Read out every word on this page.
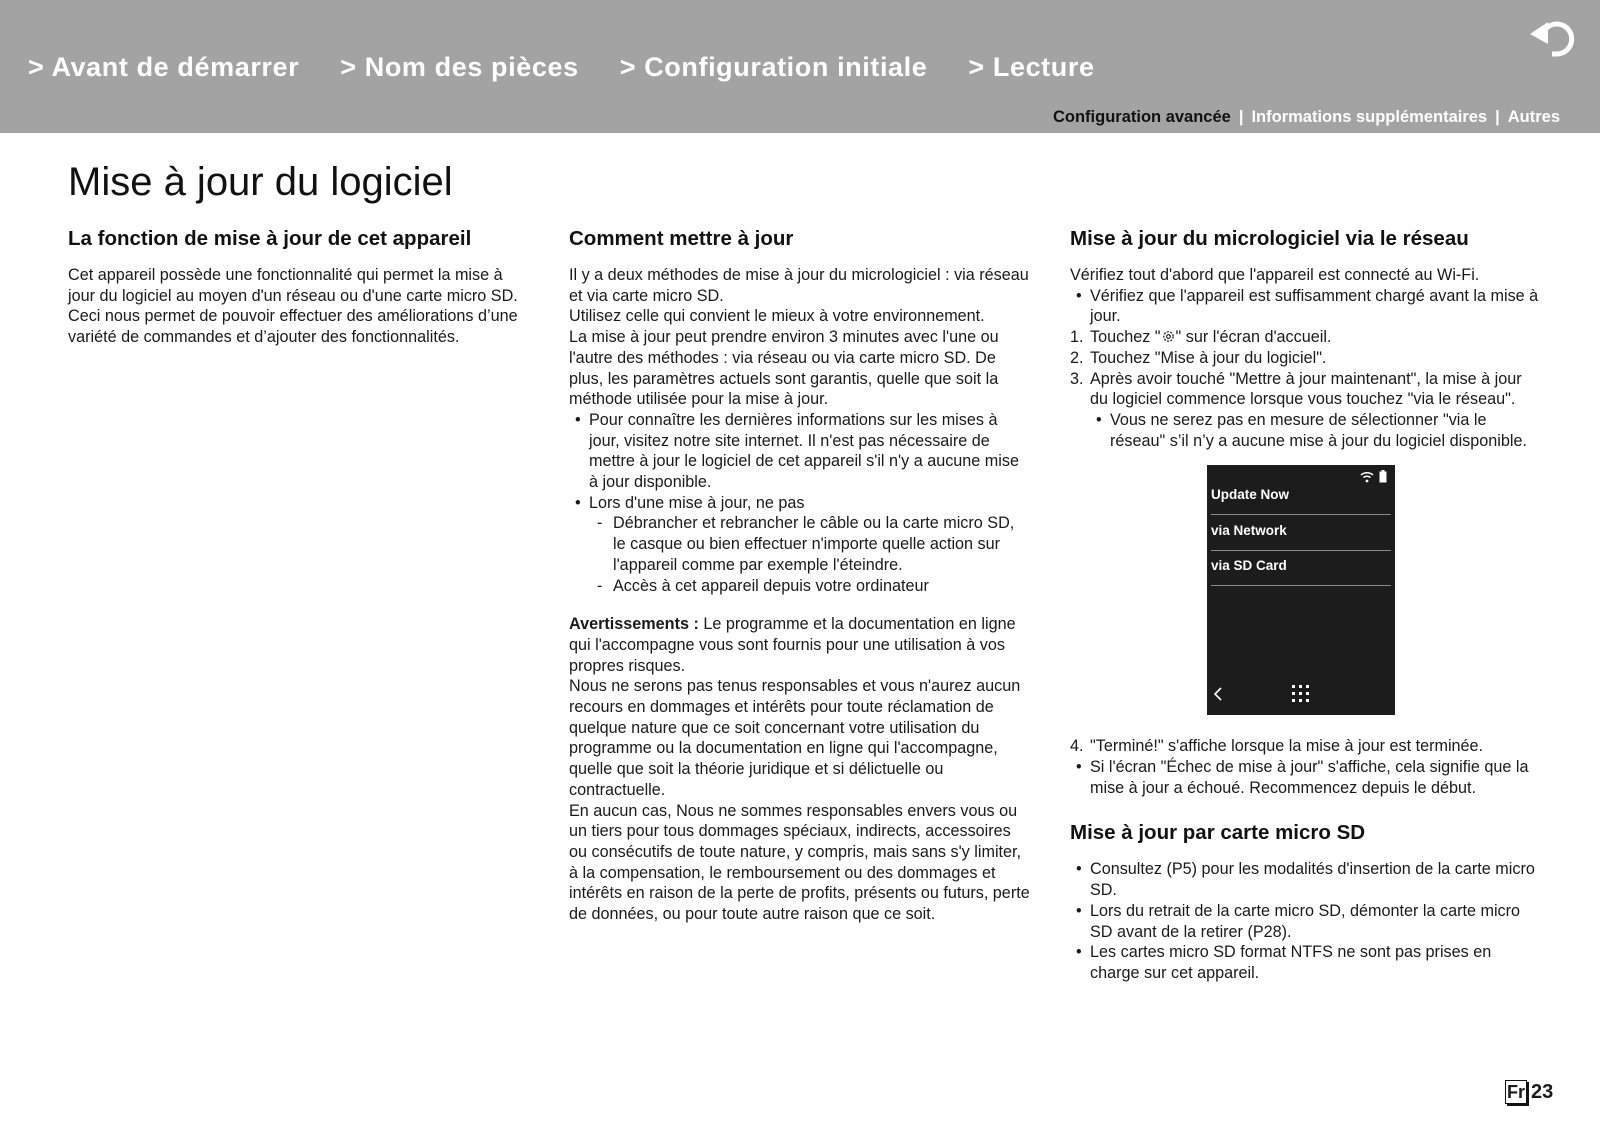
> Avant de démarrer > Nom des pièces > Configuration initiale > Lecture
Configuration avancée | Informations supplémentaires | Autres
Mise à jour du logiciel
La fonction de mise à jour de cet appareil

Cet appareil possède une fonctionnalité qui permet la mise à jour du logiciel au moyen d'un réseau ou d'une carte micro SD. Ceci nous permet de pouvoir effectuer des améliorations d’une variété de commandes et d’ajouter des fonctionnalités.

Comment mettre à jour

Il y a deux méthodes de mise à jour du micrologiciel : via réseau et via carte micro SD.

Utilisez celle qui convient le mieux à votre environnement.

La mise à jour peut prendre environ 3 minutes avec l'une ou l'autre des méthodes : via réseau ou via carte micro SD. De plus, les paramètres actuels sont garantis, quelle que soit la méthode utilisée pour la mise à jour.

• Pour connaître les dernières informations sur les mises à jour, visitez notre site internet. Il n'est pas nécessaire de mettre à jour le logiciel de cet appareil s'il n'y a aucune mise à jour disponible.
• Lors d'une mise à jour, ne pas
- Débrancher et rebrancher le câble ou la carte micro SD, le casque ou bien effectuer n'importe quelle action sur l'appareil comme par exemple l'éteindre.
- Accès à cet appareil depuis votre ordinateur

Avertissements : Le programme et la documentation en ligne qui l'accompagne vous sont fournis pour une utilisation à vos propres risques.

Nous ne serons pas tenus responsables et vous n'aurez aucun recours en dommages et intérêts pour toute réclamation de quelque nature que ce soit concernant votre utilisation du programme ou la documentation en ligne qui l'accompagne, quelle que soit la théorie juridique et si délictuelle ou contractuelle.

En aucun cas, Nous ne sommes responsables envers vous ou un tiers pour tous dommages spéciaux, indirects, accessoires ou consécutifs de toute nature, y compris, mais sans s'y limiter, à la compensation, le remboursement ou des dommages et intérêts en raison de la perte de profits, présents ou futurs, perte de données, ou pour toute autre raison que ce soit.

Mise à jour du micrologiciel via le réseau

Vérifiez tout d'abord que l'appareil est connecté au Wi-Fi.

• Vérifiez que l'appareil est suffisamment chargé avant la mise à jour.
1. Touchez " " sur l'écran d'accueil.
2. Touchez "Mise à jour du logiciel".
3. Après avoir touché "Mettre à jour maintenant", la mise à jour du logiciel commence lorsque vous touchez "via le réseau".
• Vous ne serez pas en mesure de sélectionner "via le réseau" s’il n’y a aucune mise à jour du logiciel disponible.
Update Now
via Network
via SD Card
4. "Terminé!" s'affiche lorsque la mise à jour est terminée.
• Si l'écran "Échec de mise à jour" s'affiche, cela signifie que la mise à jour a échoué. Recommencez depuis le début.
Mise à jour par carte micro SD
• Consultez (P5) pour les modalités d'insertion de la carte micro SD.
• Lors du retrait de la carte micro SD, démonter la carte micro SD avant de la retirer (P28).
• Les cartes micro SD format NTFS ne sont pas prises en charge sur cet appareil.
Fr 23
